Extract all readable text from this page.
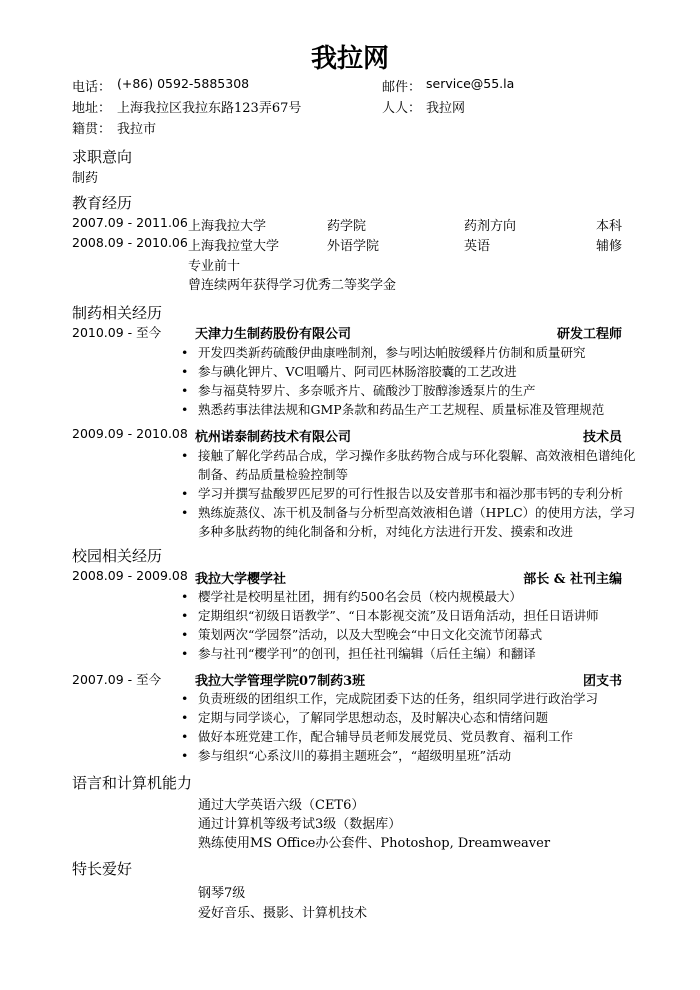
我拉网
电话： (+86) 0592-5885308	邮件： service@55.la
地址： 上海我拉区我拉东路123弄67号	人人： 我拉网
籍贯： 我拉市
求职意向
制药
教育经历
2007.09 - 2011.06 上海我拉大学	药学院	药剂方向	本科
2008.09 - 2010.06 上海我拉堂大学	外语学院	英语	辅修
专业前十
曾连续两年获得学习优秀二等奖学金
制药相关经历
2010.09 - 至今	天津力生制药股份有限公司	研发工程师
• 开发四类新药硫酸伊曲康唑制剂，参与吲达帕胺缓释片仿制和质量研究
• 参与碘化钾片、VC咀嚼片、阿司匹林肠溶胶囊的工艺改进
• 参与福莫特罗片、多奈哌齐片、硫酸沙丁胺醇渗透泵片的生产
• 熟悉药事法律法规和GMP条款和药品生产工艺规程、质量标准及管理规范
2009.09 - 2010.08 杭州诺泰制药技术有限公司	技术员
• 接触了解化学药品合成，学习操作多肽药物合成与环化裂解、高效液相色谱纯化制备、药品质量检验控制等
• 学习并撰写盐酸罗匹尼罗的可行性报告以及安普那韦和福沙那韦钙的专利分析
• 熟练旋蒸仪、冻干机及制备与分析型高效液相色谱（HPLC）的使用方法，学习多种多肽药物的纯化制备和分析，对纯化方法进行开发、摸索和改进
校园相关经历
2008.09 - 2009.08 我拉大学樱学社	部长 & 社刊主编
• 樱学社是校明星社团，拥有约500名会员（校内规模最大）
• 定期组织“初级日语教学”、“日本影视交流”及日语角活动，担任日语讲师
• 策划两次“学园祭”活动，以及大型晚会“中日文化交流节闭幕式
• 参与社刊“樱学刊”的创刊，担任社刊编辑（后任主编）和翻译
2007.09 - 至今	我拉大学管理学院07制药3班	团支书
• 负责班级的团组织工作，完成院团委下达的任务，组织同学进行政治学习
• 定期与同学谈心，了解同学思想动态，及时解决心态和情绪问题
• 做好本班党建工作，配合辅导员老师发展党员、党员教育、福利工作
• 参与组织“心系汶川的募捐主题班会”，“超级明星班”活动
语言和计算机能力
通过大学英语六级（CET6）
通过计算机等级考试3级（数据库）
熟练使用MS Office办公套件、Photoshop, Dreamweaver
特长爱好
钢琴7级
爱好音乐、摄影、计算机技术
